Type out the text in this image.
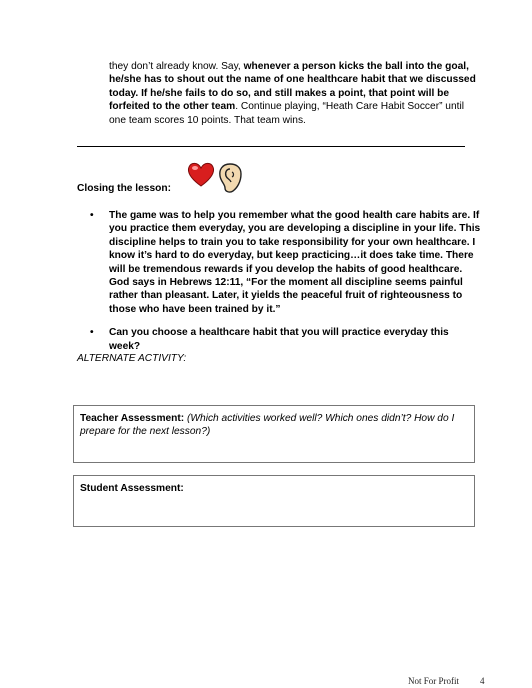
they don’t already know. Say, whenever a person kicks the ball into the goal, he/she has to shout out the name of one healthcare habit that we discussed today. If he/she fails to do so, and still makes a point, that point will be forfeited to the other team. Continue playing, “Heath Care Habit Soccer” until one team scores 10 points. That team wins.
Closing the lesson:
• The game was to help you remember what the good health care habits are. If you practice them everyday, you are developing a discipline in your life. This discipline helps to train you to take responsibility for your own healthcare. I know it’s hard to do everyday, but keep practicing…it does take time. There will be tremendous rewards if you develop the habits of good healthcare. God says in Hebrews 12:11, “For the moment all discipline seems painful rather than pleasant. Later, it yields the peaceful fruit of righteousness to those who have been trained by it.”
• Can you choose a healthcare habit that you will practice everyday this week?
ALTERNATE ACTIVITY:
Teacher Assessment: (Which activities worked well? Which ones didn’t? How do I prepare for the next lesson?)
Student Assessment:
Not For Profit 4
